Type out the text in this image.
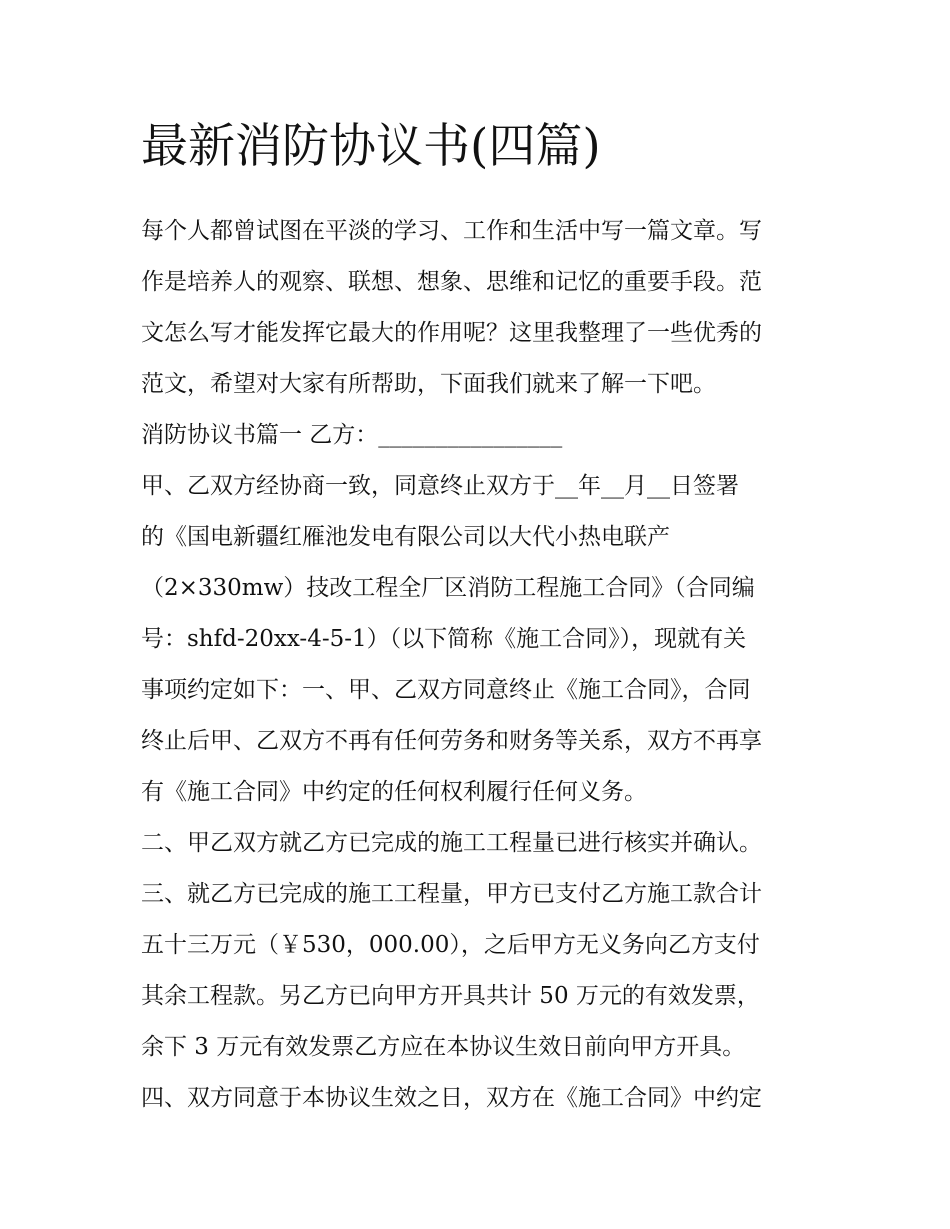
最新消防协议书(四篇)
每个人都曾试图在平淡的学习、工作和生活中写一篇文章。写
作是培养人的观察、联想、想象、思维和记忆的重要手段。范
文怎么写才能发挥它最大的作用呢？这里我整理了一些优秀的
范文，希望对大家有所帮助，下面我们就来了解一下吧。
消防协议书篇一 乙方：________________
甲、乙双方经协商一致，同意终止双方于__年__月__日签署
的《国电新疆红雁池发电有限公司以大代小热电联产
（2×330mw）技改工程全厂区消防工程施工合同》（合同编
号：shfd-20xx-4-5-1）（以下简称《施工合同》），现就有关
事项约定如下：一、甲、乙双方同意终止《施工合同》，合同
终止后甲、乙双方不再有任何劳务和财务等关系，双方不再享
有《施工合同》中约定的任何权利履行任何义务。
二、甲乙双方就乙方已完成的施工工程量已进行核实并确认。
三、就乙方已完成的施工工程量，甲方已支付乙方施工款合计
五十三万元（￥530，000.00），之后甲方无义务向乙方支付
其余工程款。另乙方已向甲方开具共计 50 万元的有效发票，
余下 3 万元有效发票乙方应在本协议生效日前向甲方开具。
四、双方同意于本协议生效之日，双方在《施工合同》中约定
